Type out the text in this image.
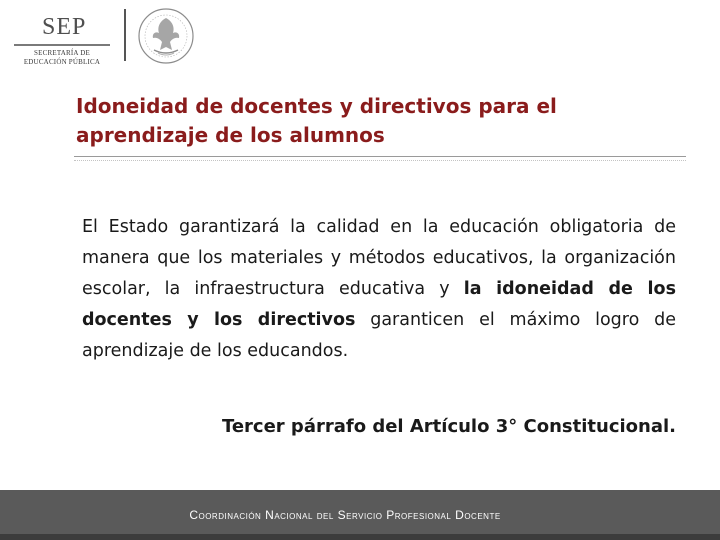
SEP

SECRETARÍA DE
EDUCACIÓN PÚBLICA
Idoneidad de docentes y directivos para el
aprendizaje de los alumnos

El Estado garantizará la calidad en la educación obligatoria de manera que los materiales y métodos educativos, la organización escolar, la infraestructura educativa y la idoneidad de los docentes y los directivos garanticen el máximo logro de aprendizaje de los educandos.

Tercer párrafo del Artículo 3° Constitucional.

Coordinación Nacional del Servicio Profesional Docente
